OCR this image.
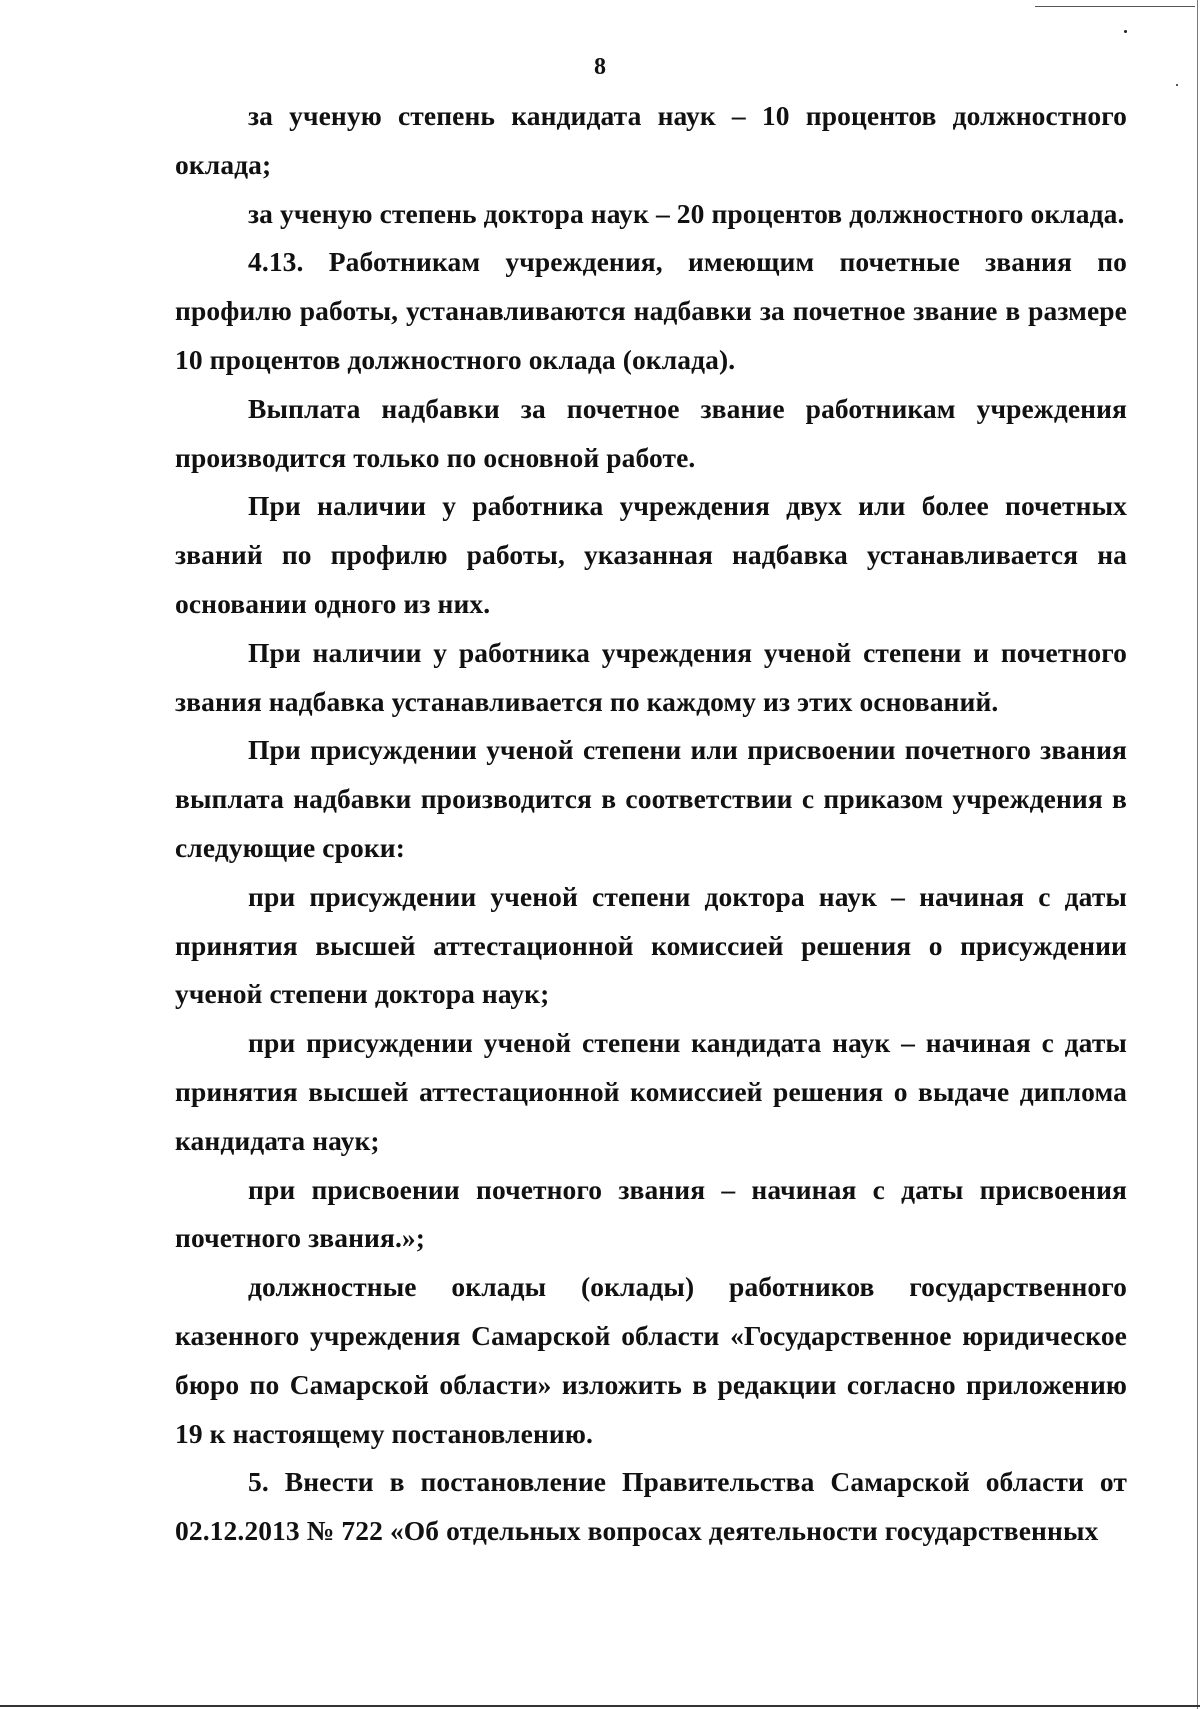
8

за ученую степень кандидата наук – 10 процентов должностного оклада;

за ученую степень доктора наук – 20 процентов должностного оклада.

4.13. Работникам учреждения, имеющим почетные звания по профилю работы, устанавливаются надбавки за почетное звание в размере 10 процентов должностного оклада (оклада).

Выплата надбавки за почетное звание работникам учреждения производится только по основной работе.

При наличии у работника учреждения двух или более почетных званий по профилю работы, указанная надбавка устанавливается на основании одного из них.

При наличии у работника учреждения ученой степени и почетного звания надбавка устанавливается по каждому из этих оснований.

При присуждении ученой степени или присвоении почетного звания выплата надбавки производится в соответствии с приказом учреждения в следующие сроки:

при присуждении ученой степени доктора наук – начиная с даты принятия высшей аттестационной комиссией решения о присуждении ученой степени доктора наук;

при присуждении ученой степени кандидата наук – начиная с даты принятия высшей аттестационной комиссией решения о выдаче диплома кандидата наук;

при присвоении почетного звания – начиная с даты присвоения почетного звания.»;

должностные оклады (оклады) работников государственного казенного учреждения Самарской области «Государственное юридическое бюро по Самарской области» изложить в редакции согласно приложению 19 к настоящему постановлению.

5. Внести в постановление Правительства Самарской области от 02.12.2013 № 722 «Об отдельных вопросах деятельности государственных
